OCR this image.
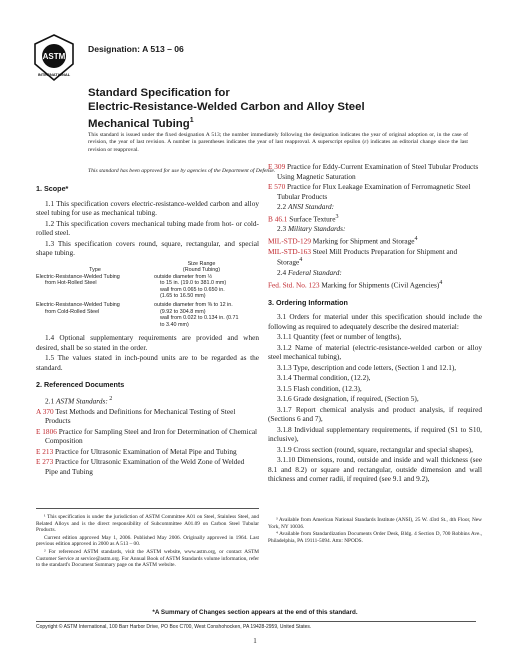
ASTM
INTERNATIONAL
Designation: A 513 – 06
Standard Specification for
Electric-Resistance-Welded Carbon and Alloy Steel
Mechanical Tubing$^1$
This standard is issued under the fixed designation A 513; the number immediately following the designation indicates the year of original adoption or, in the case of revision, the year of last revision. A number in parentheses indicates the year of last reapproval. A superscript epsilon (ε) indicates an editorial change since the last revision or reapproval.
This standard has been approved for use by agencies of the Department of Defense.
1. Scope*
1.1 This specification covers electric-resistance-welded carbon and alloy steel tubing for use as mechanical tubing.
1.2 This specification covers mechanical tubing made from hot- or cold-rolled steel.
1.3 This specification covers round, square, rectangular, and special shape tubing.
Size Range
Type	(Round Tubing)
Electric-Resistance-Welded Tubing
from Hot-Rolled Steel
outside diameter from ½
to 15 in. (19.0 to 381.0 mm)
wall from 0.065 to 0.650 in.
(1.65 to 16.50 mm)
Electric-Resistance-Welded Tubing
from Cold-Rolled Steel
outside diameter from ⅜ to 12 in.
(9.92 to 304.8 mm)
wall from 0.022 to 0.134 in. (0.71
to 3.40 mm)
1.4 Optional supplementary requirements are provided and when desired, shall be so stated in the order.
1.5 The values stated in inch-pound units are to be regarded as the standard.
2. Referenced Documents
2.1 ASTM Standards: $^2$
A 370 Test Methods and Definitions for Mechanical Testing of Steel Products
E 1806 Practice for Sampling Steel and Iron for Determination of Chemical Composition
E 213 Practice for Ultrasonic Examination of Metal Pipe and Tubing
E 273 Practice for Ultrasonic Examination of the Weld Zone of Welded Pipe and Tubing
E 309 Practice for Eddy-Current Examination of Steel Tubular Products Using Magnetic Saturation
E 570 Practice for Flux Leakage Examination of Ferromagnetic Steel Tubular Products
2.2 ANSI Standard:
B 46.1 Surface Texture$^3$
2.3 Military Standards:
MIL-STD-129 Marking for Shipment and Storage$^4$
MIL-STD-163 Steel Mill Products Preparation for Shipment and Storage$^4$
2.4 Federal Standard:
Fed. Std. No. 123 Marking for Shipments (Civil Agencies)$^4$
3. Ordering Information
3.1 Orders for material under this specification should include the following as required to adequately describe the desired material:
3.1.1 Quantity (feet or number of lengths),
3.1.2 Name of material (electric-resistance-welded carbon or alloy steel mechanical tubing),
3.1.3 Type, description and code letters, (Section 1 and 12.1),
3.1.4 Thermal condition, (12.2),
3.1.5 Flash condition, (12.3),
3.1.6 Grade designation, if required, (Section 5),
3.1.7 Report chemical analysis and product analysis, if required (Sections 6 and 7),
3.1.8 Individual supplementary requirements, if required (S1 to S10, inclusive),
3.1.9 Cross section (round, square, rectangular and special shapes),
3.1.10 Dimensions, round, outside and inside and wall thickness (see 8.1 and 8.2) or square and rectangular, outside dimension and wall thickness and corner radii, if required (see 9.1 and 9.2),
¹ This specification is under the jurisdiction of ASTM Committee A01 on Steel, Stainless Steel, and Related Alloys and is the direct responsibility of Subcommittee A01.09 on Carbon Steel Tubular Products.
Current edition approved May 1, 2006. Published May 2006. Originally approved in 1964. Last previous edition approved in 2000 as A 513 – 00.
² For referenced ASTM standards, visit the ASTM website, www.astm.org, or contact ASTM Customer Service at service@astm.org. For Annual Book of ASTM Standards volume information, refer to the standard's Document Summary page on the ASTM website.
³ Available from American National Standards Institute (ANSI), 25 W. 43rd St., 4th Floor, New York, NY 10036.
⁴ Available from Standardization Documents Order Desk, Bldg. 4 Section D, 700 Robbins Ave., Philadelphia, PA 19111-5094. Attn: NPODS.
*A Summary of Changes section appears at the end of this standard.
Copyright © ASTM International, 100 Barr Harbor Drive, PO Box C700, West Conshohocken, PA 19428-2959, United States.
1
